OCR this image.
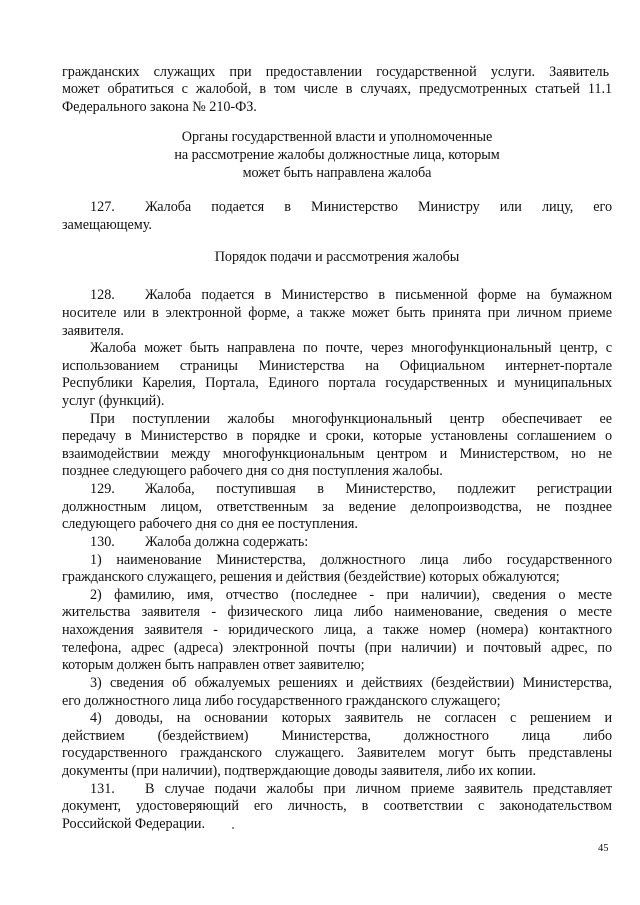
гражданских служащих при предоставлении государственной услуги. Заявитель
может обратиться с жалобой, в том числе в случаях, предусмотренных статьей 11.1
Федерального закона № 210-ФЗ.
Органы государственной власти и уполномоченные
на рассмотрение жалобы должностные лица, которым
может быть направлена жалоба
127. Жалоба подается в Министерство Министру или лицу, его
замещающему.
Порядок подачи и рассмотрения жалобы
128. Жалоба подается в Министерство в письменной форме на бумажном
носителе или в электронной форме, а также может быть принята при личном приеме
заявителя.
Жалоба может быть направлена по почте, через многофункциональный центр, с
использованием страницы Министерства на Официальном интернет-портале
Республики Карелия, Портала, Единого портала государственных и муниципальных
услуг (функций).
При поступлении жалобы многофункциональный центр обеспечивает ее
передачу в Министерство в порядке и сроки, которые установлены соглашением о
взаимодействии между многофункциональным центром и Министерством, но не
позднее следующего рабочего дня со дня поступления жалобы.
129. Жалоба, поступившая в Министерство, подлежит регистрации
должностным лицом, ответственным за ведение делопроизводства, не позднее
следующего рабочего дня со дня ее поступления.
130. Жалоба должна содержать:
1) наименование Министерства, должностного лица либо государственного
гражданского служащего, решения и действия (бездействие) которых обжалуются;
2) фамилию, имя, отчество (последнее - при наличии), сведения о месте
жительства заявителя - физического лица либо наименование, сведения о месте
нахождения заявителя - юридического лица, а также номер (номера) контактного
телефона, адрес (адреса) электронной почты (при наличии) и почтовый адрес, по
которым должен быть направлен ответ заявителю;
3) сведения об обжалуемых решениях и действиях (бездействии) Министерства,
его должностного лица либо государственного гражданского служащего;
4) доводы, на основании которых заявитель не согласен с решением и
действием (бездействием) Министерства, должностного лица либо
государственного гражданского служащего. Заявителем могут быть представлены
документы (при наличии), подтверждающие доводы заявителя, либо их копии.
131. В случае подачи жалобы при личном приеме заявитель представляет
документ, удостоверяющий его личность, в соответствии с законодательством
Российской Федерации.
45
